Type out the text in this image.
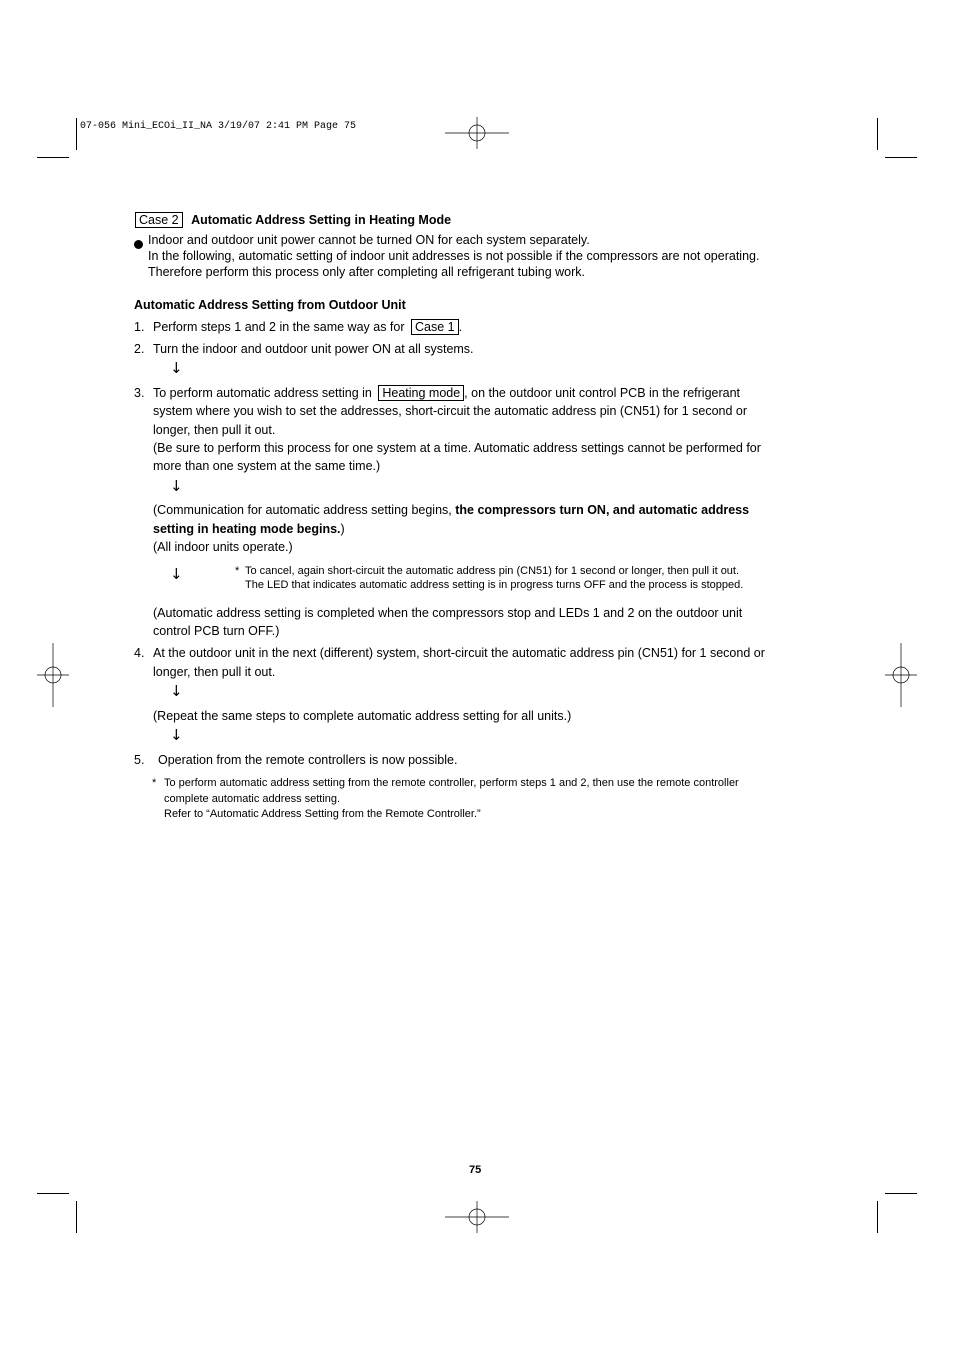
07-056 Mini_ECOi_II_NA 3/19/07 2:41 PM Page 75
Case 2 Automatic Address Setting in Heating Mode
Indoor and outdoor unit power cannot be turned ON for each system separately.
In the following, automatic setting of indoor unit addresses is not possible if the compressors are not operating.
Therefore perform this process only after completing all refrigerant tubing work.
Automatic Address Setting from Outdoor Unit
1. Perform steps 1 and 2 in the same way as for Case 1 .
2. Turn the indoor and outdoor unit power ON at all systems.
↓
3. To perform automatic address setting in Heating mode , on the outdoor unit control PCB in the refrigerant
system where you wish to set the addresses, short-circuit the automatic address pin (CN51) for 1 second or
longer, then pull it out.
(Be sure to perform this process for one system at a time. Automatic address settings cannot be performed for
more than one system at the same time.)
↓
(Communication for automatic address setting begins, the compressors turn ON, and automatic address
setting in heating mode begins.)
(All indoor units operate.)
↓	* To cancel, again short-circuit the automatic address pin (CN51) for 1 second or longer, then pull it out.
The LED that indicates automatic address setting is in progress turns OFF and the process is stopped.
(Automatic address setting is completed when the compressors stop and LEDs 1 and 2 on the outdoor unit
control PCB turn OFF.)
4. At the outdoor unit in the next (different) system, short-circuit the automatic address pin (CN51) for 1 second or
longer, then pull it out.
↓
(Repeat the same steps to complete automatic address setting for all units.)
↓
5. Operation from the remote controllers is now possible.
* To perform automatic address setting from the remote controller, perform steps 1 and 2, then use the remote controller
complete automatic address setting.
Refer to “Automatic Address Setting from the Remote Controller.”
75
